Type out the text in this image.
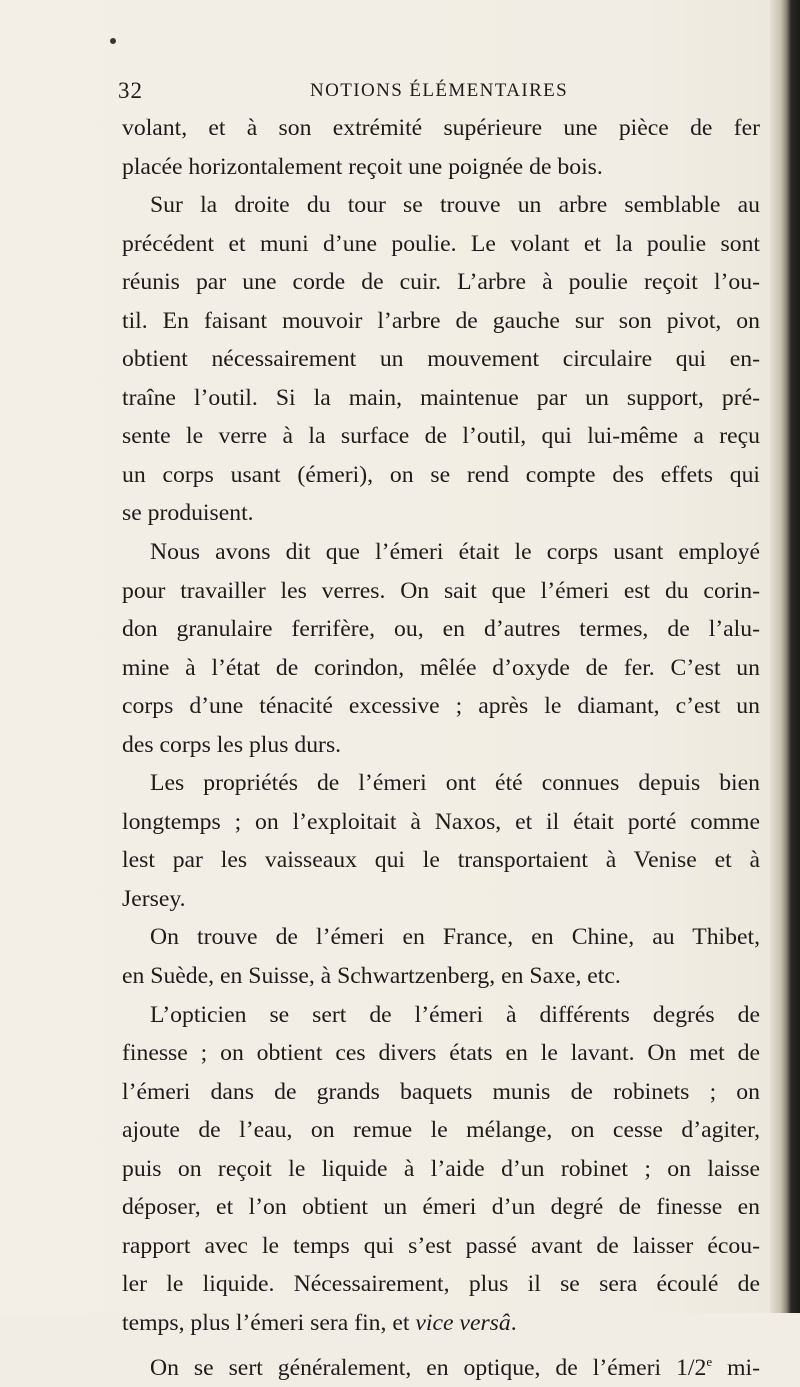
32	NOTIONS ÉLÉMENTAIRES
volant, et à son extrémité supérieure une pièce de fer
placée horizontalement reçoit une poignée de bois.
Sur la droite du tour se trouve un arbre semblable au
précédent et muni d’une poulie. Le volant et la poulie sont
réunis par une corde de cuir. L’arbre à poulie reçoit l’ou-
til. En faisant mouvoir l’arbre de gauche sur son pivot, on
obtient nécessairement un mouvement circulaire qui en-
traîne l’outil. Si la main, maintenue par un support, pré-
sente le verre à la surface de l’outil, qui lui-même a reçu
un corps usant (émeri), on se rend compte des effets qui
se produisent.
Nous avons dit que l’émeri était le corps usant employé
pour travailler les verres. On sait que l’émeri est du corin-
don granulaire ferrifère, ou, en d’autres termes, de l’alu-
mine à l’état de corindon, mêlée d’oxyde de fer. C’est un
corps d’une ténacité excessive ; après le diamant, c’est un
des corps les plus durs.
Les propriétés de l’émeri ont été connues depuis bien
longtemps ; on l’exploitait à Naxos, et il était porté comme
lest par les vaisseaux qui le transportaient à Venise et à
Jersey.
On trouve de l’émeri en France, en Chine, au Thibet,
en Suède, en Suisse, à Schwartzenberg, en Saxe, etc.
L’opticien se sert de l’émeri à différents degrés de
finesse ; on obtient ces divers états en le lavant. On met de
l’émeri dans de grands baquets munis de robinets ; on
ajoute de l’eau, on remue le mélange, on cesse d’agiter,
puis on reçoit le liquide à l’aide d’un robinet ; on laisse
déposer, et l’on obtient un émeri d’un degré de finesse en
rapport avec le temps qui s’est passé avant de laisser écou-
ler le liquide. Nécessairement, plus il se sera écoulé de
temps, plus l’émeri sera fin, et vice versâ.
On se sert généralement, en optique, de l’émeri 1/2e mi-
